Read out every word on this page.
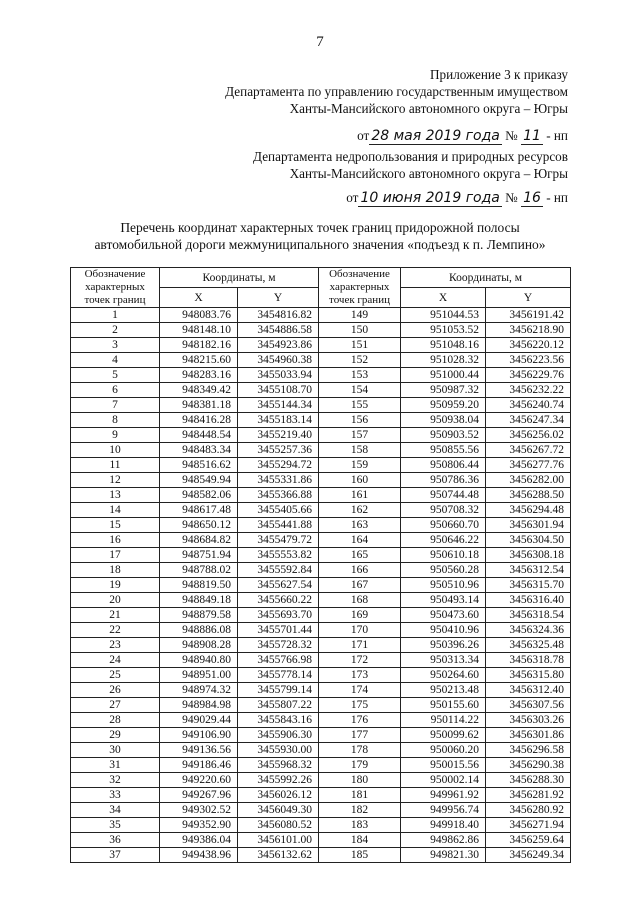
7
Приложение 3 к приказу
Департамента по управлению государственным имуществом
Ханты-Мансийского автономного округа – Югры
от 28 мая 2019 года № 11 - нп
Департамента недропользования и природных ресурсов
Ханты-Мансийского автономного округа – Югры
от 10 июня 2019 года № 16 - нп
Перечень координат характерных точек границ придорожной полосы
автомобильной дороги межмуниципального значения «подъезд к п. Лемпино»
Обозначение характерных точек границ	Координаты, м		Обозначение характерных точек границ	Координаты, м	
	X	Y		X	Y
1	948083.76	3454816.82	149	951044.53	3456191.42
2	948148.10	3454886.58	150	951053.52	3456218.90
3	948182.16	3454923.86	151	951048.16	3456220.12
4	948215.60	3454960.38	152	951028.32	3456223.56
5	948283.16	3455033.94	153	951000.44	3456229.76
6	948349.42	3455108.70	154	950987.32	3456232.22
7	948381.18	3455144.34	155	950959.20	3456240.74
8	948416.28	3455183.14	156	950938.04	3456247.34
9	948448.54	3455219.40	157	950903.52	3456256.02
10	948483.34	3455257.36	158	950855.56	3456267.72
11	948516.62	3455294.72	159	950806.44	3456277.76
12	948549.94	3455331.86	160	950786.36	3456282.00
13	948582.06	3455366.88	161	950744.48	3456288.50
14	948617.48	3455405.66	162	950708.32	3456294.48
15	948650.12	3455441.88	163	950660.70	3456301.94
16	948684.82	3455479.72	164	950646.22	3456304.50
17	948751.94	3455553.82	165	950610.18	3456308.18
18	948788.02	3455592.84	166	950560.28	3456312.54
19	948819.50	3455627.54	167	950510.96	3456315.70
20	948849.18	3455660.22	168	950493.14	3456316.40
21	948879.58	3455693.70	169	950473.60	3456318.54
22	948886.08	3455701.44	170	950410.96	3456324.36
23	948908.28	3455728.32	171	950396.26	3456325.48
24	948940.80	3455766.98	172	950313.34	3456318.78
25	948951.00	3455778.14	173	950264.60	3456315.80
26	948974.32	3455799.14	174	950213.48	3456312.40
27	948984.98	3455807.22	175	950155.60	3456307.56
28	949029.44	3455843.16	176	950114.22	3456303.26
29	949106.90	3455906.30	177	950099.62	3456301.86
30	949136.56	3455930.00	178	950060.20	3456296.58
31	949186.46	3455968.32	179	950015.56	3456290.38
32	949220.60	3455992.26	180	950002.14	3456288.30
33	949267.96	3456026.12	181	949961.92	3456281.92
34	949302.52	3456049.30	182	949956.74	3456280.92
35	949352.90	3456080.52	183	949918.40	3456271.94
36	949386.04	3456101.00	184	949862.86	3456259.64
37	949438.96	3456132.62	185	949821.30	3456249.34
